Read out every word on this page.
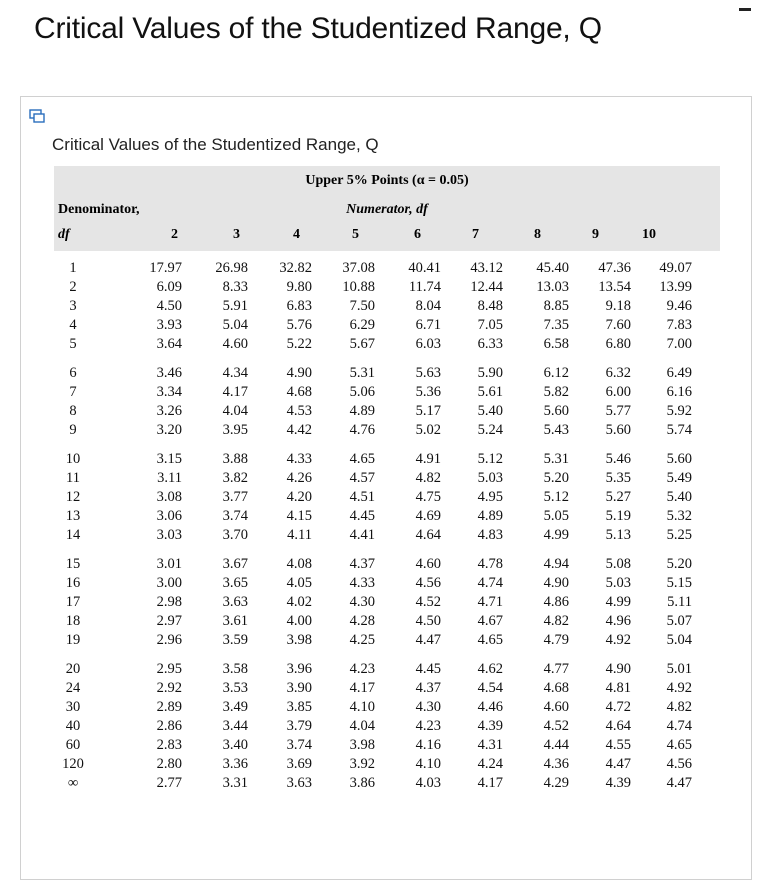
Critical Values of the Studentized Range, Q
Critical Values of the Studentized Range, Q
Upper 5% Points (α = 0.05)
Denominator,	Numerator, df
df	2	3	4	5	6	7	8	9	10
1	17.97	26.98	32.82	37.08	40.41	43.12	45.40	47.36	49.07
2	6.09	8.33	9.80	10.88	11.74	12.44	13.03	13.54	13.99
3	4.50	5.91	6.83	7.50	8.04	8.48	8.85	9.18	9.46
4	3.93	5.04	5.76	6.29	6.71	7.05	7.35	7.60	7.83
5	3.64	4.60	5.22	5.67	6.03	6.33	6.58	6.80	7.00

6	3.46	4.34	4.90	5.31	5.63	5.90	6.12	6.32	6.49
7	3.34	4.17	4.68	5.06	5.36	5.61	5.82	6.00	6.16
8	3.26	4.04	4.53	4.89	5.17	5.40	5.60	5.77	5.92
9	3.20	3.95	4.42	4.76	5.02	5.24	5.43	5.60	5.74

10	3.15	3.88	4.33	4.65	4.91	5.12	5.31	5.46	5.60
11	3.11	3.82	4.26	4.57	4.82	5.03	5.20	5.35	5.49
12	3.08	3.77	4.20	4.51	4.75	4.95	5.12	5.27	5.40
13	3.06	3.74	4.15	4.45	4.69	4.89	5.05	5.19	5.32
14	3.03	3.70	4.11	4.41	4.64	4.83	4.99	5.13	5.25

15	3.01	3.67	4.08	4.37	4.60	4.78	4.94	5.08	5.20
16	3.00	3.65	4.05	4.33	4.56	4.74	4.90	5.03	5.15
17	2.98	3.63	4.02	4.30	4.52	4.71	4.86	4.99	5.11
18	2.97	3.61	4.00	4.28	4.50	4.67	4.82	4.96	5.07
19	2.96	3.59	3.98	4.25	4.47	4.65	4.79	4.92	5.04

20	2.95	3.58	3.96	4.23	4.45	4.62	4.77	4.90	5.01
24	2.92	3.53	3.90	4.17	4.37	4.54	4.68	4.81	4.92
30	2.89	3.49	3.85	4.10	4.30	4.46	4.60	4.72	4.82
40	2.86	3.44	3.79	4.04	4.23	4.39	4.52	4.64	4.74
60	2.83	3.40	3.74	3.98	4.16	4.31	4.44	4.55	4.65
120	2.80	3.36	3.69	3.92	4.10	4.24	4.36	4.47	4.56
∞	2.77	3.31	3.63	3.86	4.03	4.17	4.29	4.39	4.47
